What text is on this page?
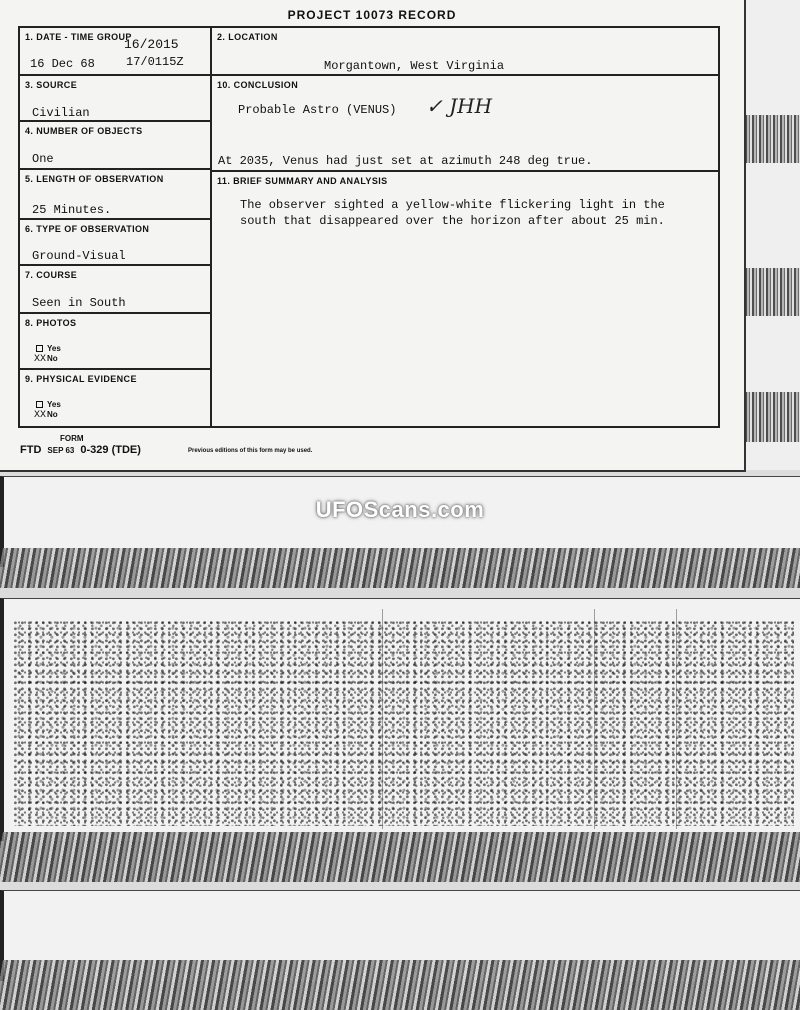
PROJECT 10073 RECORD
1. DATE - TIME GROUP
16/2015
16 Dec 68	17/0115Z
3. SOURCE
Civilian
4. NUMBER OF OBJECTS
One
5. LENGTH OF OBSERVATION
25 Minutes.
6. TYPE OF OBSERVATION
Ground-Visual
7. COURSE
Seen in South
8. PHOTOS
Yes
XXNo
9. PHYSICAL EVIDENCE
Yes
XXNo
2. LOCATION
Morgantown, West Virginia
10. CONCLUSION
Probable Astro (VENUS) ✓ JHH
At 2035, Venus had just set at azimuth 248 deg true.
11. BRIEF SUMMARY AND ANALYSIS
The observer sighted a yellow-white flickering light in the
south that disappeared over the horizon after about 25 min.
FORM
FTD SEP 63 0-329 (TDE)	Previous editions of this form may be used.
UFOScans.com
